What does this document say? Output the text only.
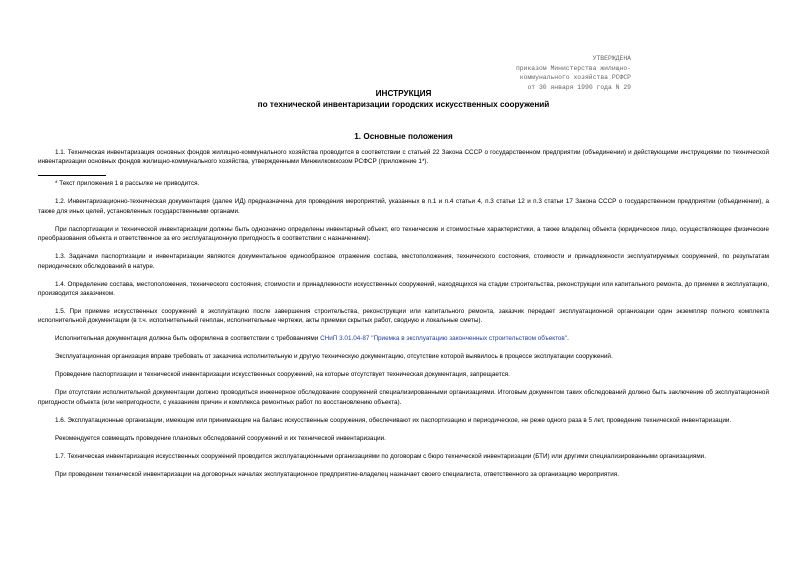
УТВЕРЖДЕНА
приказом Министерства жилищно-
коммунального хозяйства РСФСР
от 30 января 1990 года N 29
ИНСТРУКЦИЯ
по технической инвентаризации городских искусственных сооружений
1. Основные положения

1.1. Техническая инвентаризация основных фондов жилищно-коммунального хозяйства проводится в соответствии с статьей 22 Закона СССР о государственном предприятии (объединении) и действующими инструкциями по технической инвентаризации основных фондов жилищно-коммунального хозяйства, утвержденными Минжилкомхозом РСФСР (приложение 1*).

* Текст приложения 1 в рассылке не приводится.

1.2. Инвентаризационно-техническая документация (далее ИД) предназначена для проведения мероприятий, указанных в п.1 и п.4 статьи 4, п.3 статьи 12 и п.3 статьи 17 Закона СССР о государственном предприятии (объединении), а также для иных целей, установленных государственными органами.

При паспортизации и технической инвентаризации должны быть однозначно определены инвентарный объект, его технические и стоимостные характеристики, а также владелец объекта (юридическое лицо, осуществляющее физические преобразования объекта и ответственное за его эксплуатационную пригодность в соответствии с назначением).

1.3. Задачами паспортизации и инвентаризации являются документальное единообразное отражение состава, местоположения, технического состояния, стоимости и принадлежности эксплуатируемых сооружений, по результатам периодических обследований в натуре.

1.4. Определение состава, местоположения, технического состояния, стоимости и принадлежности искусственных сооружений, находящихся на стадии строительства, реконструкции или капитального ремонта, до приемки в эксплуатацию, производится заказчиком.

1.5. При приемке искусственных сооружений в эксплуатацию после завершения строительства, реконструкции или капитального ремонта, заказчик передает эксплуатационной организации один экземпляр полного комплекта исполнительной документации (в т.ч. исполнительный генплан, исполнительные чертежи, акты приемки скрытых работ, сводную и локальные сметы).

Исполнительная документация должна быть оформлена в соответствии с требованиями СНиП 3.01.04-87 "Приемка в эксплуатацию законченных строительством объектов".

Эксплуатационная организация вправе требовать от заказчика исполнительную и другую техническую документацию, отсутствие которой выявилось в процессе эксплуатации сооружений.

Проведение паспортизации и технической инвентаризации искусственных сооружений, на которые отсутствует техническая документация, запрещается.

При отсутствии исполнительной документации должно проводиться инженерное обследование сооружений специализированными организациями. Итоговым документом таких обследований должно быть заключение об эксплуатационной пригодности объекта (или непригодности, с указанием причин и комплекса ремонтных работ по восстановлению объекта).

1.6. Эксплуатационные организации, имеющие или принимающие на баланс искусственные сооружения, обеспечивают их паспортизацию и периодическое, не реже одного раза в 5 лет, проведение технической инвентаризации.

Рекомендуется совмещать проведение плановых обследований сооружений и их технической инвентаризации.

1.7. Техническая инвентаризация искусственных сооружений проводится эксплуатационными организациями по договорам с бюро технической инвентаризации (БТИ) или другими специализированными организациями.

При проведении технической инвентаризации на договорных началах эксплуатационное предприятие-владелец назначает своего специалиста, ответственного за организацию мероприятия.
